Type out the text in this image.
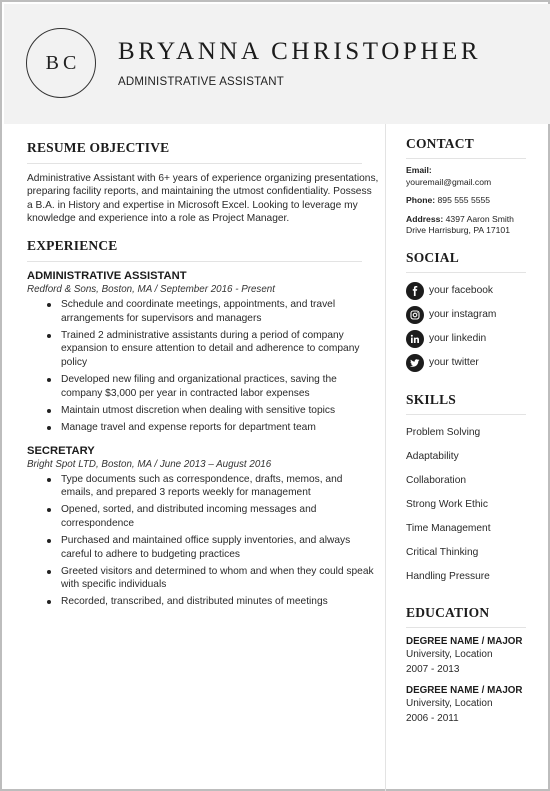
BC	BRYANNA CHRISTOPHER
ADMINISTRATIVE ASSISTANT
RESUME OBJECTIVE
Administrative Assistant with 6+ years of experience organizing presentations, preparing facility reports, and maintaining the utmost confidentiality. Possess a B.A. in History and expertise in Microsoft Excel. Looking to leverage my knowledge and experience into a role as Project Manager.
EXPERIENCE
ADMINISTRATIVE ASSISTANT
Redford & Sons, Boston, MA / September 2016 - Present
Schedule and coordinate meetings, appointments, and travel arrangements for supervisors and managers
Trained 2 administrative assistants during a period of company expansion to ensure attention to detail and adherence to company policy
Developed new filing and organizational practices, saving the company $3,000 per year in contracted labor expenses
Maintain utmost discretion when dealing with sensitive topics
Manage travel and expense reports for department team
SECRETARY
Bright Spot LTD, Boston, MA / June 2013 – August 2016
Type documents such as correspondence, drafts, memos, and emails, and prepared 3 reports weekly for management
Opened, sorted, and distributed incoming messages and correspondence
Purchased and maintained office supply inventories, and always careful to adhere to budgeting practices
Greeted visitors and determined to whom and when they could speak with specific individuals
Recorded, transcribed, and distributed minutes of meetings
CONTACT
Email:
youremail@gmail.com
Phone: 895 555 5555
Address: 4397 Aaron Smith
Drive Harrisburg, PA 17101
SOCIAL
your facebook
your instagram
your linkedin
your twitter
SKILLS
Problem Solving
Adaptability
Collaboration
Strong Work Ethic
Time Management
Critical Thinking
Handling Pressure
EDUCATION
DEGREE NAME / MAJOR
University, Location
2007 - 2013
DEGREE NAME / MAJOR
University, Location
2006 - 2011
